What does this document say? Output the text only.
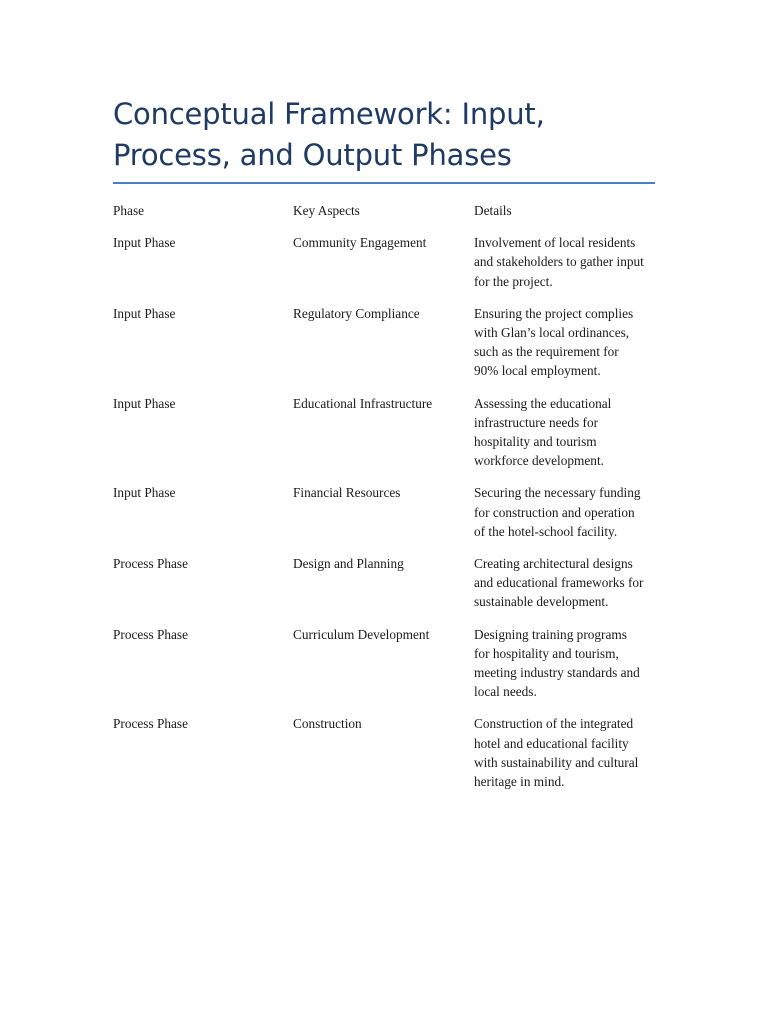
Conceptual Framework: Input, Process, and Output Phases
Phase	Key Aspects	Details
Input Phase	Community Engagement	Involvement of local residents and stakeholders to gather input for the project.
Input Phase	Regulatory Compliance	Ensuring the project complies with Glan’s local ordinances, such as the requirement for 90% local employment.
Input Phase	Educational Infrastructure	Assessing the educational infrastructure needs for hospitality and tourism workforce development.
Input Phase	Financial Resources	Securing the necessary funding for construction and operation of the hotel-school facility.
Process Phase	Design and Planning	Creating architectural designs and educational frameworks for sustainable development.
Process Phase	Curriculum Development	Designing training programs for hospitality and tourism, meeting industry standards and local needs.
Process Phase	Construction	Construction of the integrated hotel and educational facility with sustainability and cultural heritage in mind.
